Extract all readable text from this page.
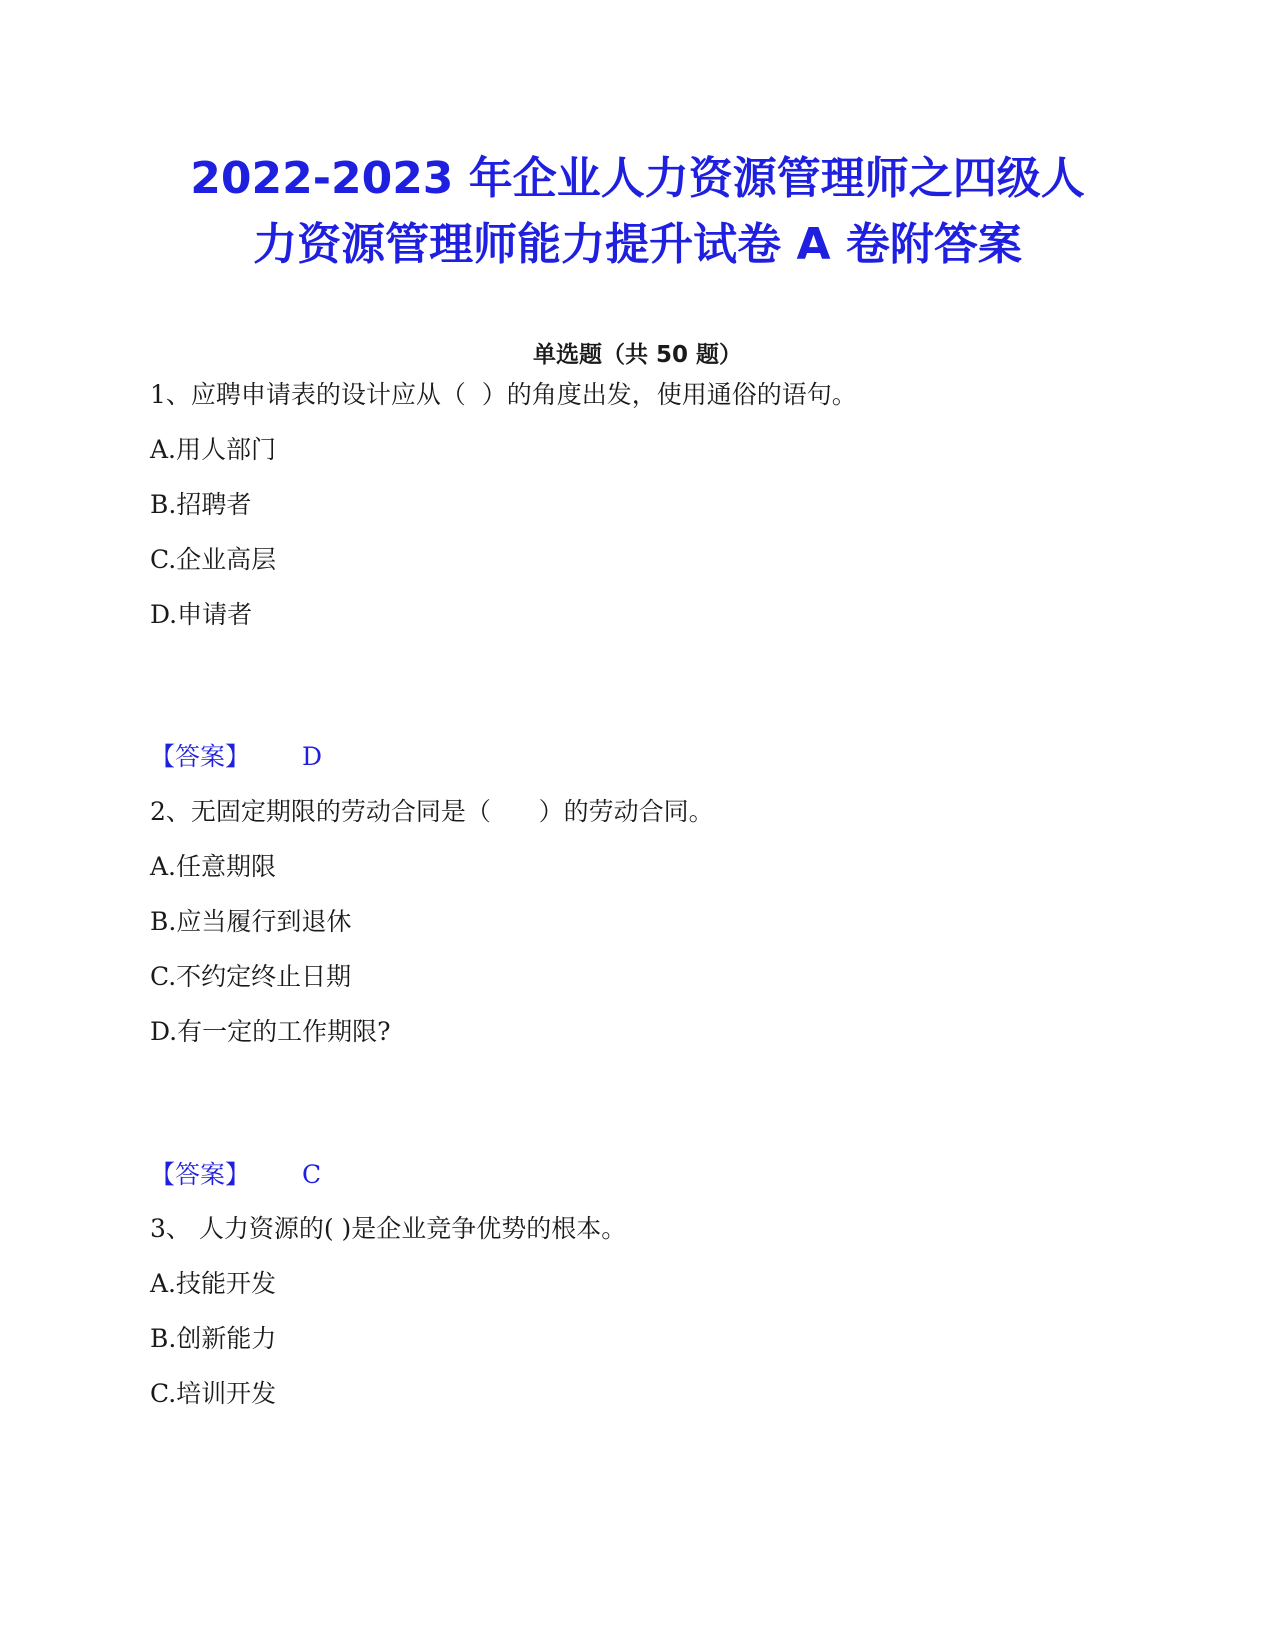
2022-2023 年企业人力资源管理师之四级人
力资源管理师能力提升试卷 A 卷附答案
单选题（共 50 题）
1、应聘申请表的设计应从（  ）的角度出发，使用通俗的语句。
A.用人部门
B.招聘者
C.企业高层
D.申请者
【答案】 D
2、无固定期限的劳动合同是（      ）的劳动合同。
A.任意期限
B.应当履行到退休
C.不约定终止日期
D.有一定的工作期限?
【答案】 C
3、 人力资源的( )是企业竞争优势的根本。
A.技能开发
B.创新能力
C.培训开发
